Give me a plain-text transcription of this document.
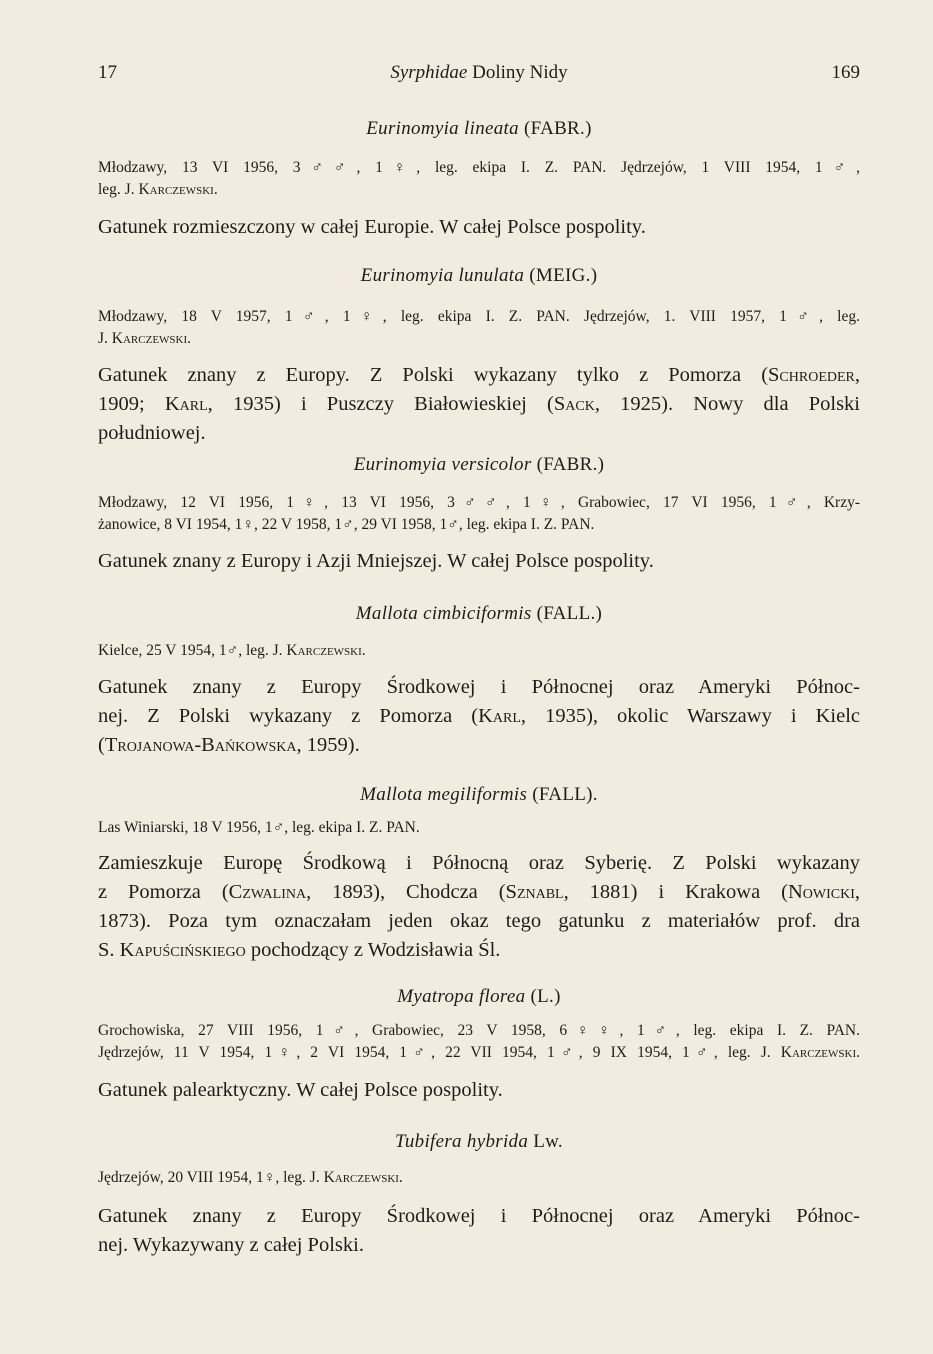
17	Syrphidae Doliny Nidy	169
Eurinomyia lineata (FABR.)
Młodzawy, 13 VI 1956, 3♂♂, 1♀, leg. ekipa I. Z. PAN. Jędrzejów, 1 VIII 1954, 1♂,
leg. J. Karczewski.
Gatunek rozmieszczony w całej Europie. W całej Polsce pospolity.
Eurinomyia lunulata (MEIG.)
Młodzawy, 18 V 1957, 1♂, 1♀, leg. ekipa I. Z. PAN. Jędrzejów, 1. VIII 1957, 1♂, leg.
J. Karczewski.
Gatunek znany z Europy. Z Polski wykazany tylko z Pomorza (Schroeder,
1909; Karl, 1935) i Puszczy Białowieskiej (Sack, 1925). Nowy dla Polski
południowej.
Eurinomyia versicolor (FABR.)
Młodzawy, 12 VI 1956, 1♀, 13 VI 1956, 3♂♂, 1♀, Grabowiec, 17 VI 1956, 1♂, Krzy-
żanowice, 8 VI 1954, 1♀, 22 V 1958, 1♂, 29 VI 1958, 1♂, leg. ekipa I. Z. PAN.
Gatunek znany z Europy i Azji Mniejszej. W całej Polsce pospolity.
Mallota cimbiciformis (FALL.)
Kielce, 25 V 1954, 1♂, leg. J. Karczewski.
Gatunek znany z Europy Środkowej i Północnej oraz Ameryki Północ-
nej. Z Polski wykazany z Pomorza (Karl, 1935), okolic Warszawy i Kielc
(Trojanowa-Bańkowska, 1959).
Mallota megiliformis (FALL).
Las Winiarski, 18 V 1956, 1♂, leg. ekipa I. Z. PAN.
Zamieszkuje Europę Środkową i Północną oraz Syberię. Z Polski wykazany
z Pomorza (Czwalina, 1893), Chodcza (Sznabl, 1881) i Krakowa (Nowicki,
1873). Poza tym oznaczałam jeden okaz tego gatunku z materiałów prof. dra
S. Kapuścińskiego pochodzący z Wodzisławia Śl.
Myatropa florea (L.)
Grochowiska, 27 VIII 1956, 1♂, Grabowiec, 23 V 1958, 6♀♀, 1♂, leg. ekipa I. Z. PAN.
Jędrzejów, 11 V 1954, 1♀, 2 VI 1954, 1♂, 22 VII 1954, 1♂, 9 IX 1954, 1♂, leg. J. Karczewski.
Gatunek palearktyczny. W całej Polsce pospolity.
Tubifera hybrida Lw.
Jędrzejów, 20 VIII 1954, 1♀, leg. J. Karczewski.
Gatunek znany z Europy Środkowej i Północnej oraz Ameryki Północ-
nej. Wykazywany z całej Polski.
